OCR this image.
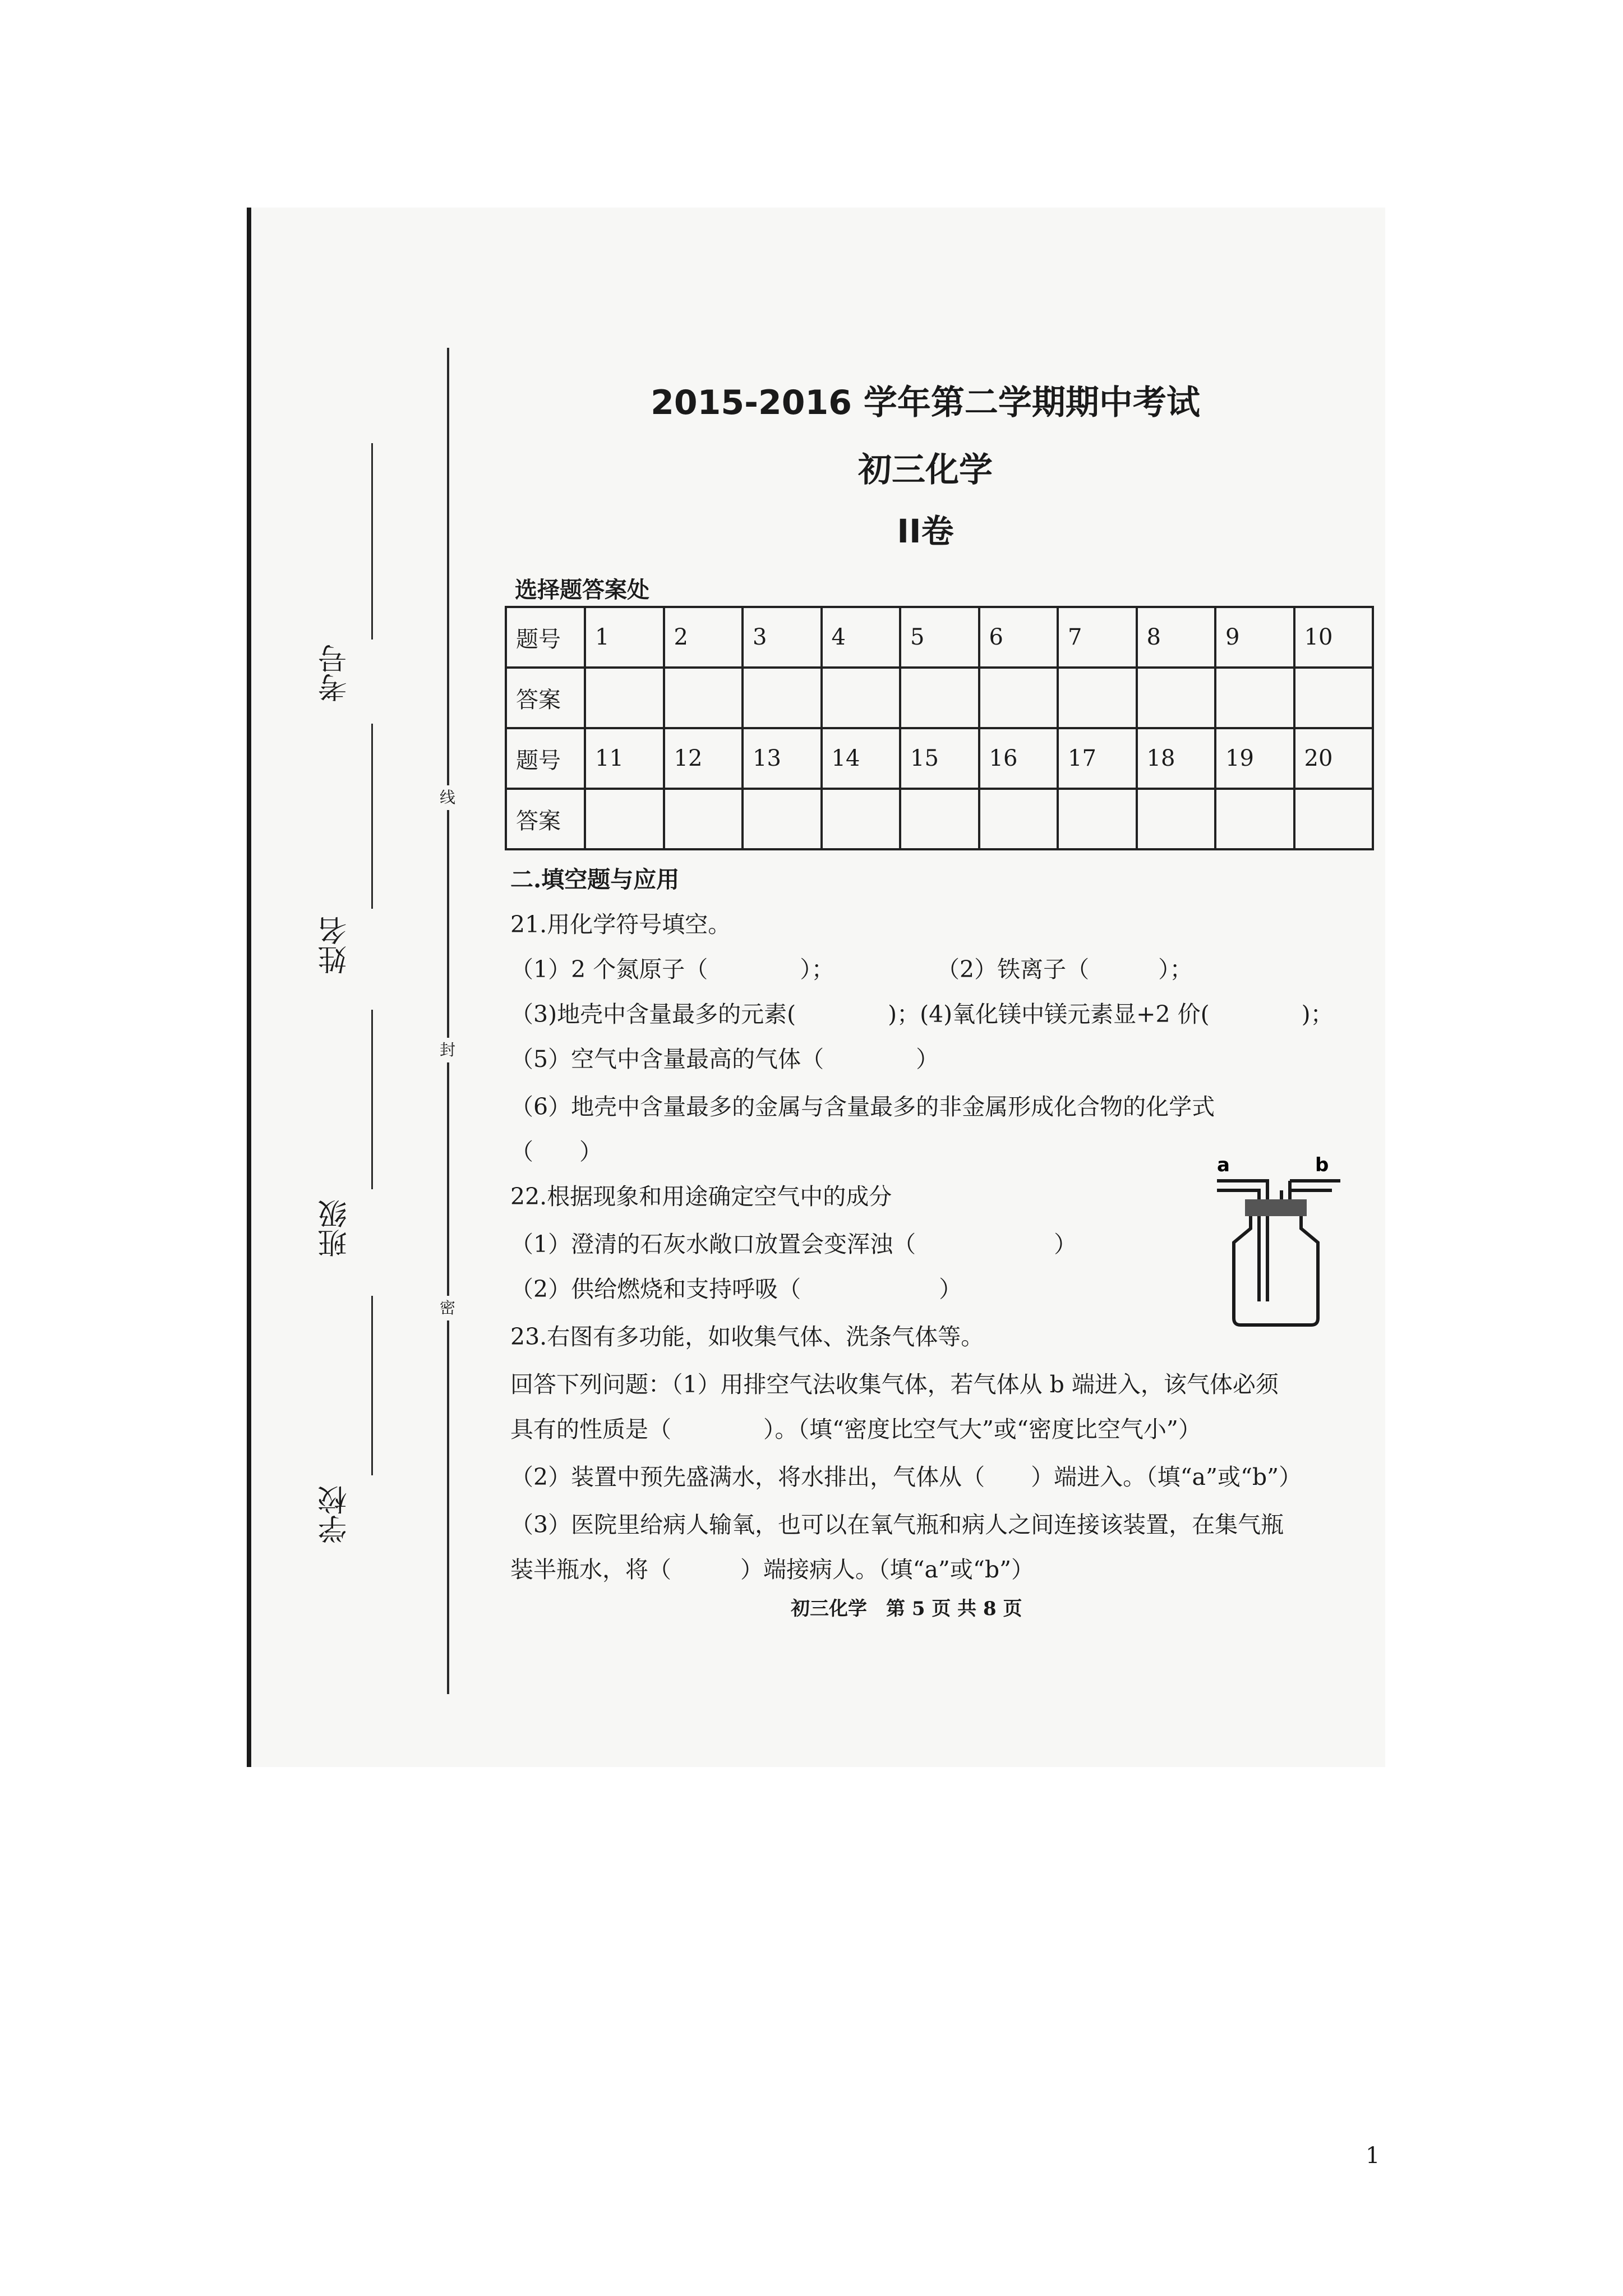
线
封
密
考号
姓名
班级
学校
2015-2016 学年第二学期期中考试
初三化学
II卷
选择题答案处
题号	1	2	3	4	5	6	7	8	9	10
答案										
题号	11	12	13	14	15	16	17	18	19	20
答案										
二.填空题与应用
21.用化学符号填空。
（1）2 个氮原子（　　　　）；	（2）铁离子（　　　）；
（3)地壳中含量最多的元素(　　　　)；(4)氧化镁中镁元素显+2 价(　　　　)；
（5）空气中含量最高的气体（　　　　）
（6）地壳中含量最多的金属与含量最多的非金属形成化合物的化学式
（　　）
22.根据现象和用途确定空气中的成分
（1）澄清的石灰水敞口放置会变浑浊（　　　　　　）
（2）供给燃烧和支持呼吸（　　　　　　）
23.右图有多功能，如收集气体、洗条气体等。
回答下列问题：（1）用排空气法收集气体，若气体从 b 端进入，该气体必须
具有的性质是（　　　　）。（填“密度比空气大”或“密度比空气小”）
（2）装置中预先盛满水，将水排出，气体从（　　）端进入。（填“a”或“b”）
（3）医院里给病人输氧，也可以在氧气瓶和病人之间连接该装置，在集气瓶
装半瓶水，将（　　　）端接病人。（填“a”或“b”）
a	b
初三化学　第 5 页 共 8 页
1
